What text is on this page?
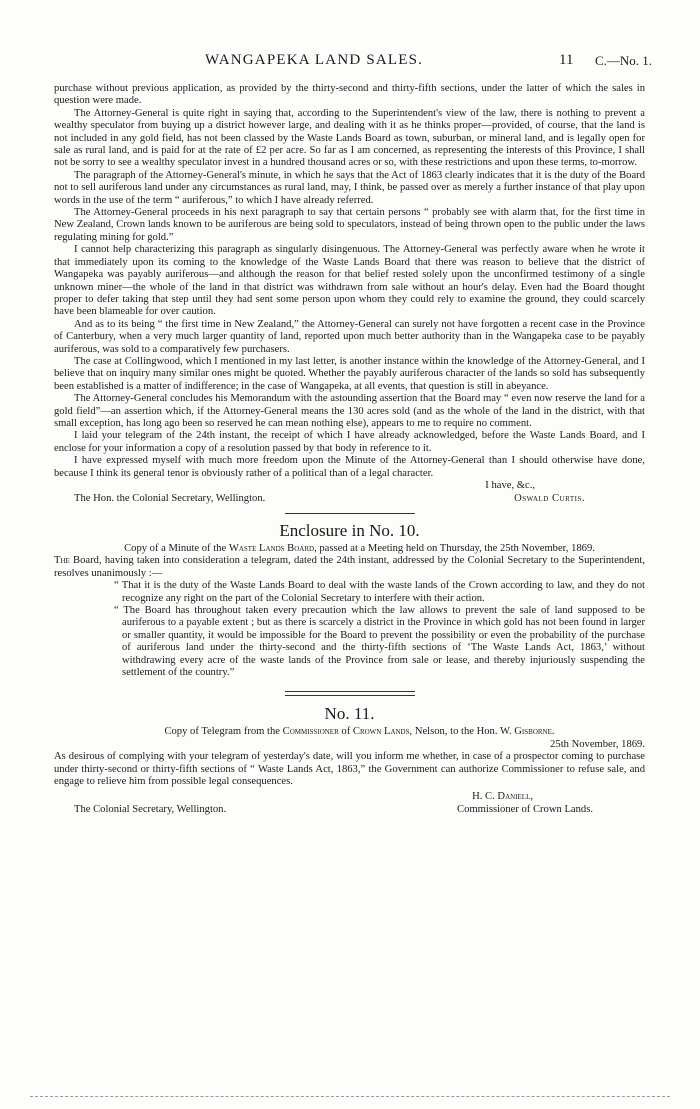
WANGAPEKA LAND SALES.	11 C.—No. 1.

purchase without previous application, as provided by the thirty-second and thirty-fifth sections, under the latter of which the sales in question were made.

The Attorney-General is quite right in saying that, according to the Superintendent's view of the law, there is nothing to prevent a wealthy speculator from buying up a district however large, and dealing with it as he thinks proper—provided, of course, that the land is not included in any gold field, has not been classed by the Waste Lands Board as town, suburban, or mineral land, and is legally open for sale as rural land, and is paid for at the rate of £2 per acre. So far as I am concerned, as representing the interests of this Province, I shall not be sorry to see a wealthy speculator invest in a hundred thousand acres or so, with these restrictions and upon these terms, to-morrow.

The paragraph of the Attorney-General's minute, in which he says that the Act of 1863 clearly indicates that it is the duty of the Board not to sell auriferous land under any circumstances as rural land, may, I think, be passed over as merely a further instance of that play upon words in the use of the term “ auriferous,” to which I have already referred.

The Attorney-General proceeds in his next paragraph to say that certain persons “ probably see with alarm that, for the first time in New Zealand, Crown lands known to be auriferous are being sold to speculators, instead of being thrown open to the public under the laws regulating mining for gold.”

I cannot help characterizing this paragraph as singularly disingenuous. The Attorney-General was perfectly aware when he wrote it that immediately upon its coming to the knowledge of the Waste Lands Board that there was reason to believe that the district of Wangapeka was payably auriferous—and although the reason for that belief rested solely upon the unconfirmed testimony of a single unknown miner—the whole of the land in that district was withdrawn from sale without an hour's delay. Even had the Board thought proper to defer taking that step until they had sent some person upon whom they could rely to examine the ground, they could scarcely have been blameable for over caution.

And as to its being “ the first time in New Zealand,” the Attorney-General can surely not have forgotten a recent case in the Province of Canterbury, when a very much larger quantity of land, reported upon much better authority than in the Wangapeka case to be payably auriferous, was sold to a comparatively few purchasers.

The case at Collingwood, which I mentioned in my last letter, is another instance within the knowledge of the Attorney-General, and I believe that on inquiry many similar ones might be quoted. Whether the payably auriferous character of the lands so sold has subsequently been established is a matter of indifference; in the case of Wangapeka, at all events, that question is still in abeyance.

The Attorney-General concludes his Memorandum with the astounding assertion that the Board may “ even now reserve the land for a gold field”—an assertion which, if the Attorney-General means the 130 acres sold (and as the whole of the land in the district, with that small exception, has long ago been so reserved he can mean nothing else), appears to me to require no comment.

I laid your telegram of the 24th instant, the receipt of which I have already acknowledged, before the Waste Lands Board, and I enclose for your information a copy of a resolution passed by that body in reference to it.

I have expressed myself with much more freedom upon the Minute of the Attorney-General than I should otherwise have done, because I think its general tenor is obviously rather of a political than of a legal character.

I have, &c.,
The Hon. the Colonial Secretary, Wellington.	Oswald Curtis.
Enclosure in No. 10.

Copy of a Minute of the Waste Lands Board, passed at a Meeting held on Thursday, the 25th November, 1869.

The Board, having taken into consideration a telegram, dated the 24th instant, addressed by the Colonial Secretary to the Superintendent, resolves unanimously :—

“ That it is the duty of the Waste Lands Board to deal with the waste lands of the Crown according to law, and they do not recognize any right on the part of the Colonial Secretary to interfere with their action.

“ The Board has throughout taken every precaution which the law allows to prevent the sale of land supposed to be auriferous to a payable extent ; but as there is scarcely a district in the Province in which gold has not been found in larger or smaller quantity, it would be impossible for the Board to prevent the possibility or even the probability of the purchase of auriferous land under the thirty-second and the thirty-fifth sections of ‘The Waste Lands Act, 1863,’ without withdrawing every acre of the waste lands of the Province from sale or lease, and thereby injuriously suspending the settlement of the country.”

No. 11.

Copy of Telegram from the Commissioner of Crown Lands, Nelson, to the Hon. W. Gisborne.

25th November, 1869.

As desirous of complying with your telegram of yesterday's date, will you inform me whether, in case of a prospector coming to purchase under thirty-second or thirty-fifth sections of “ Waste Lands Act, 1863,” the Government can authorize Commissioner to refuse sale, and engage to relieve him from possible legal consequences.

H. C. Daniell,
The Colonial Secretary, Wellington.	Commissioner of Crown Lands.
